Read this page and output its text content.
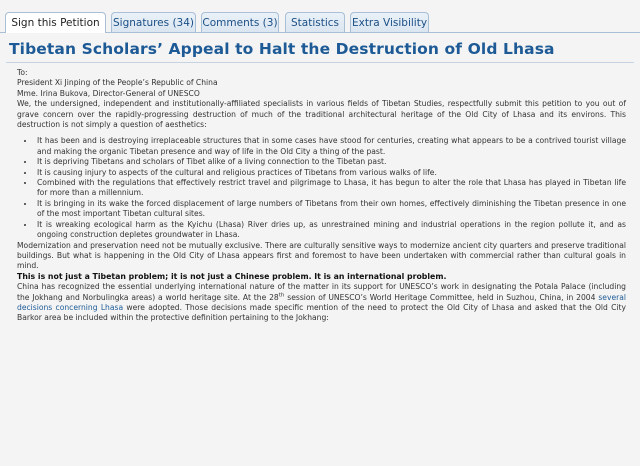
Sign this Petition	Signatures (34) Comments (3)	Statistics	Extra Visibility
Tibetan Scholars’ Appeal to Halt the Destruction of Old Lhasa

To:

President Xi Jinping of the People’s Republic of China

Mme. Irina Bukova, Director-General of UNESCO

We, the undersigned, independent and institutionally-affiliated specialists in various fields of Tibetan Studies, respectfully submit this petition to you out of grave concern over the rapidly-progressing destruction of much of the traditional architectural heritage of the Old City of Lhasa and its environs. This destruction is not simply a question of aesthetics:

• It has been and is destroying irreplaceable structures that in some cases have stood for centuries, creating what appears to be a contrived tourist village and making the organic Tibetan presence and way of life in the Old City a thing of the past.
• It is depriving Tibetans and scholars of Tibet alike of a living connection to the Tibetan past.
• It is causing injury to aspects of the cultural and religious practices of Tibetans from various walks of life.
• Combined with the regulations that effectively restrict travel and pilgrimage to Lhasa, it has begun to alter the role that Lhasa has played in Tibetan life for more than a millennium.
• It is bringing in its wake the forced displacement of large numbers of Tibetans from their own homes, effectively diminishing the Tibetan presence in one of the most important Tibetan cultural sites.
• It is wreaking ecological harm as the Kyichu (Lhasa) River dries up, as unrestrained mining and industrial operations in the region pollute it, and as ongoing construction depletes groundwater in Lhasa.

Modernization and preservation need not be mutually exclusive. There are culturally sensitive ways to modernize ancient city quarters and preserve traditional buildings. But what is happening in the Old City of Lhasa appears first and foremost to have been undertaken with commercial rather than cultural goals in mind.

This is not just a Tibetan problem; it is not just a Chinese problem. It is an international problem.

China has recognized the essential underlying international nature of the matter in its support for UNESCO’s work in designating the Potala Palace (including the Jokhang and Norbulingka areas) a world heritage site. At the 28th session of UNESCO’s World Heritage Committee, held in Suzhou, China, in 2004 several decisions concerning Lhasa were adopted. Those decisions made specific mention of the need to protect the Old City of Lhasa and asked that the Old City Barkor area be included within the protective definition pertaining to the Jokhang:
